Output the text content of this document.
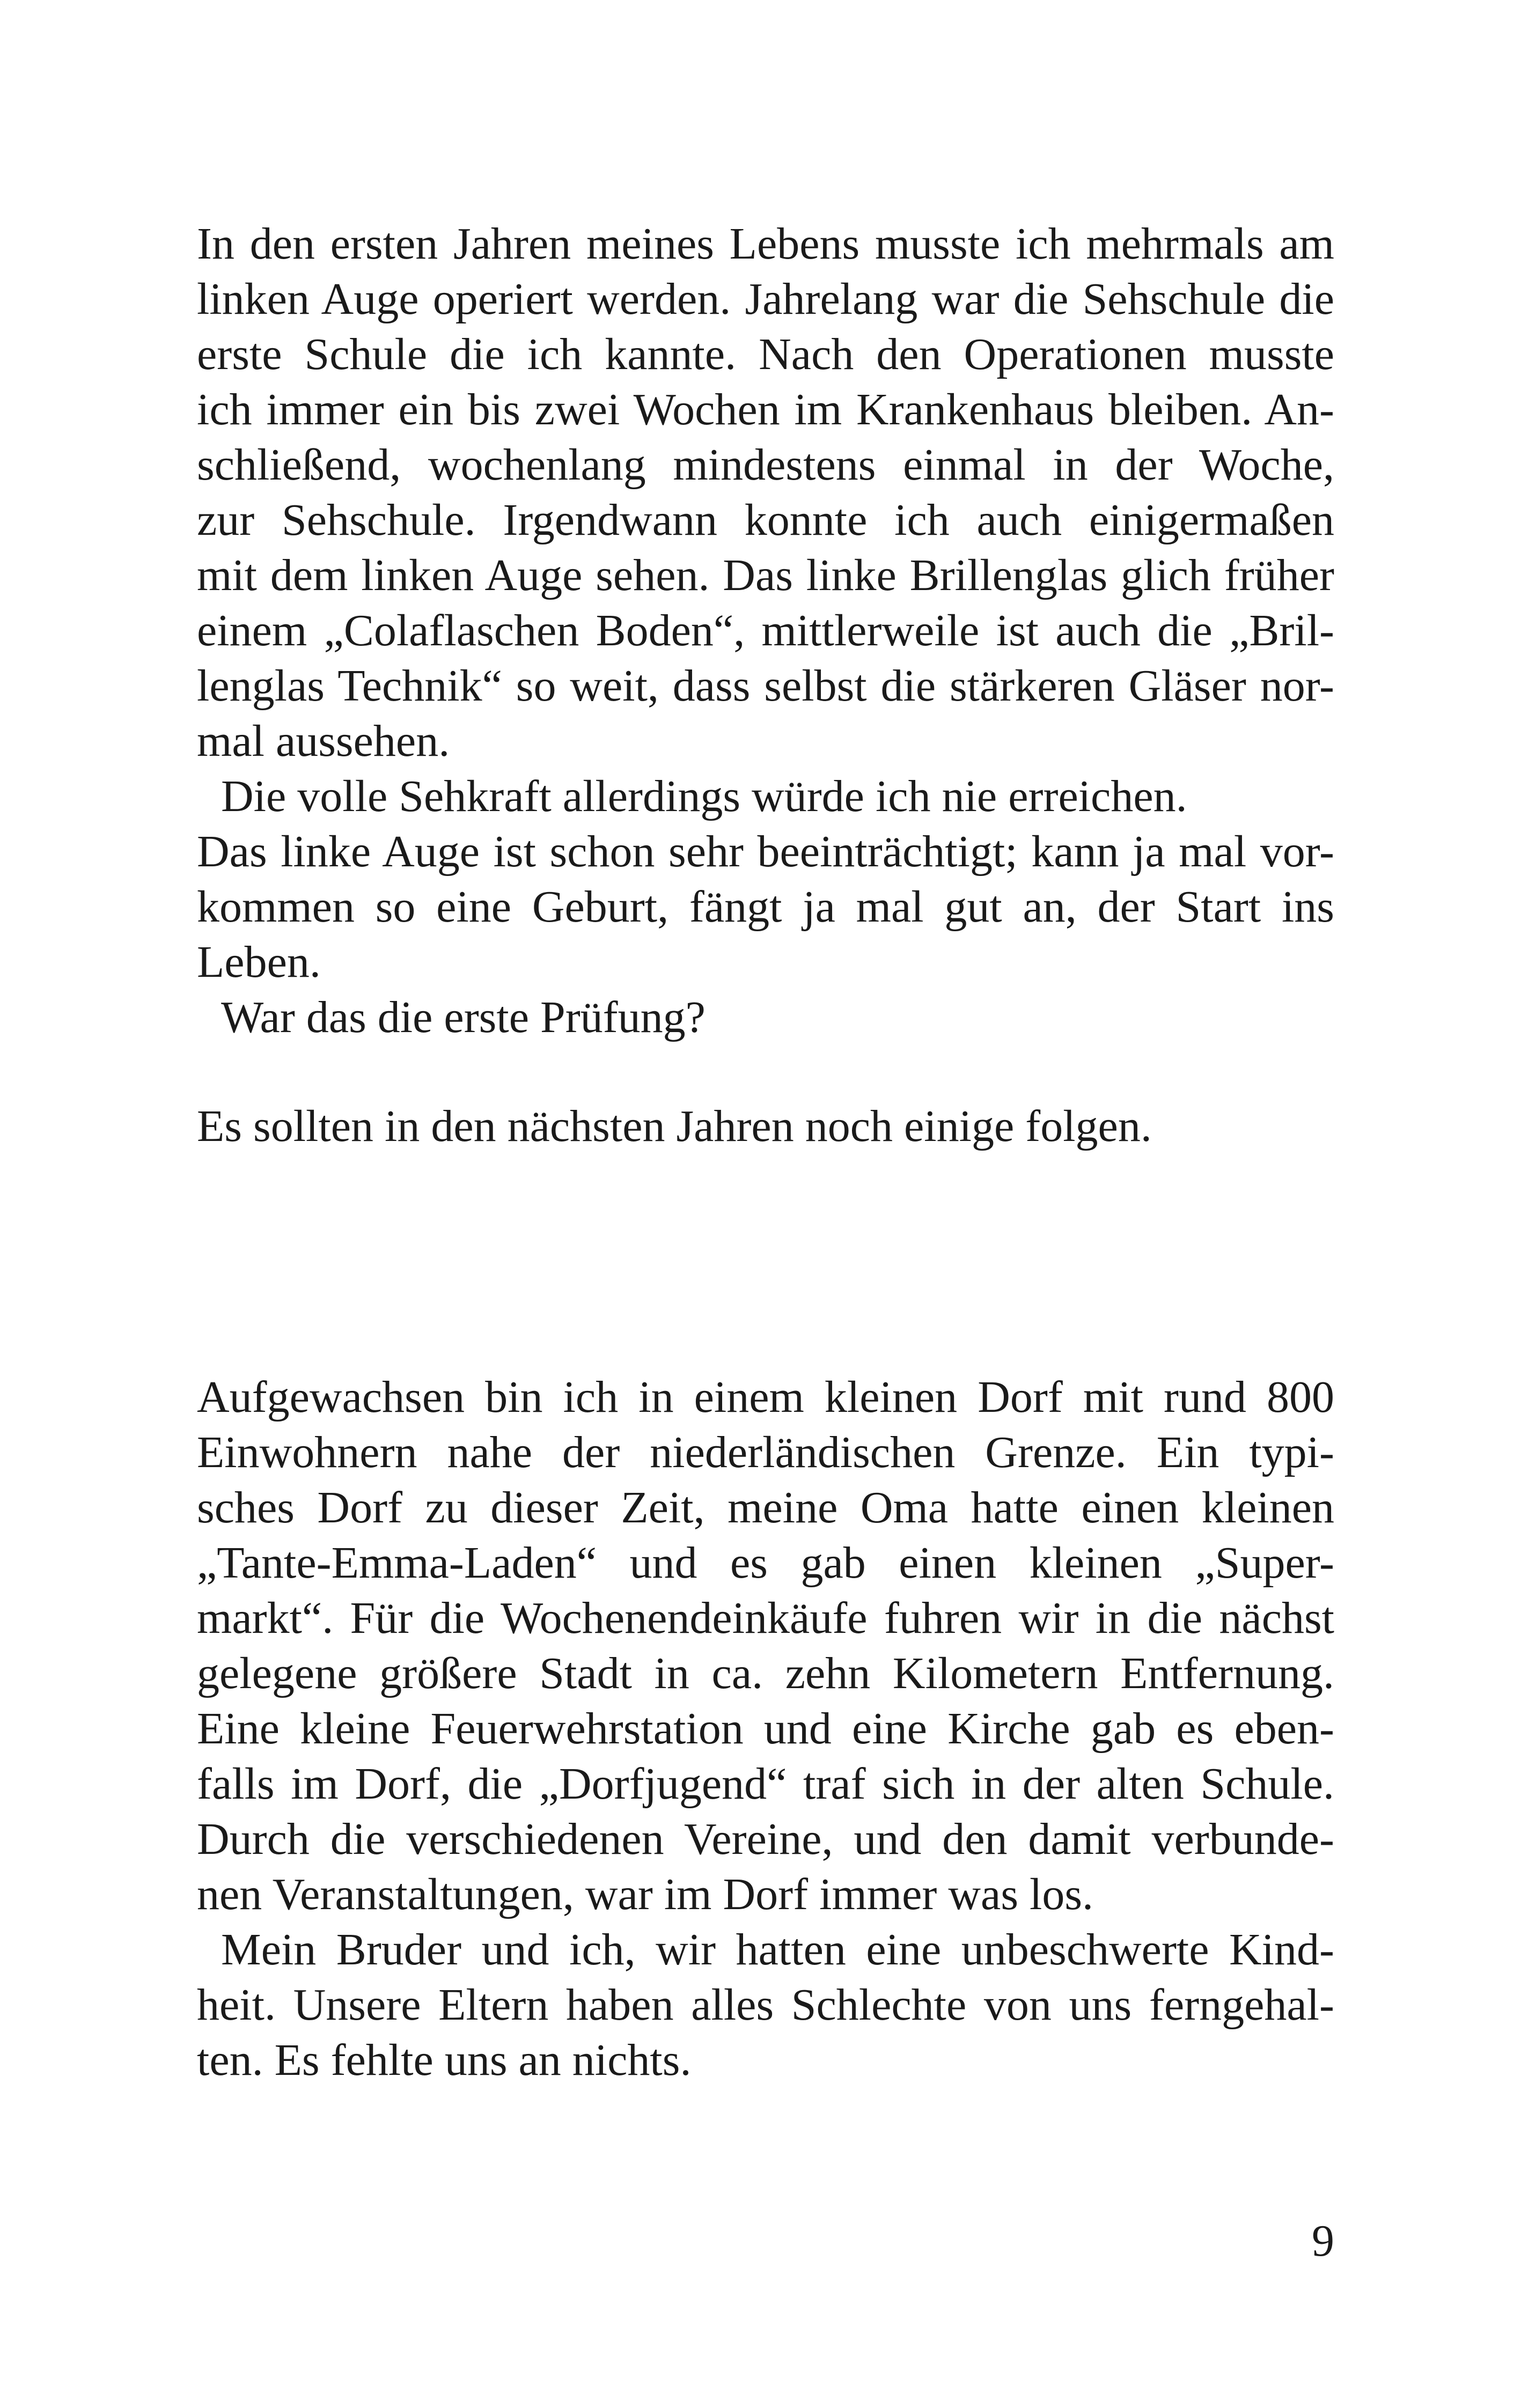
In den ersten Jahren meines Lebens musste ich mehrmals am

linken Auge operiert werden. Jahrelang war die Sehschule die

erste Schule die ich kannte. Nach den Operationen musste

ich immer ein bis zwei Wochen im Krankenhaus bleiben. An-

schließend, wochenlang mindestens einmal in der Woche,

zur Sehschule. Irgendwann konnte ich auch einigermaßen

mit dem linken Auge sehen. Das linke Brillenglas glich früher

einem „Colaflaschen Boden“, mittlerweile ist auch die „Bril-

lenglas Technik“ so weit, dass selbst die stärkeren Gläser nor-

mal aussehen.

Die volle Sehkraft allerdings würde ich nie erreichen.

Das linke Auge ist schon sehr beeinträchtigt; kann ja mal vor-

kommen so eine Geburt, fängt ja mal gut an, der Start ins

Leben.

War das die erste Prüfung?

Es sollten in den nächsten Jahren noch einige folgen.

Aufgewachsen bin ich in einem kleinen Dorf mit rund 800

Einwohnern nahe der niederländischen Grenze. Ein typi-

sches Dorf zu dieser Zeit, meine Oma hatte einen kleinen

„Tante-Emma-Laden“ und es gab einen kleinen „Super-

markt“. Für die Wochenendeinkäufe fuhren wir in die nächst

gelegene größere Stadt in ca. zehn Kilometern Entfernung.

Eine kleine Feuerwehrstation und eine Kirche gab es eben-

falls im Dorf, die „Dorfjugend“ traf sich in der alten Schule.

Durch die verschiedenen Vereine, und den damit verbunde-

nen Veranstaltungen, war im Dorf immer was los.

Mein Bruder und ich, wir hatten eine unbeschwerte Kind-

heit. Unsere Eltern haben alles Schlechte von uns ferngehal-

ten. Es fehlte uns an nichts.

9
